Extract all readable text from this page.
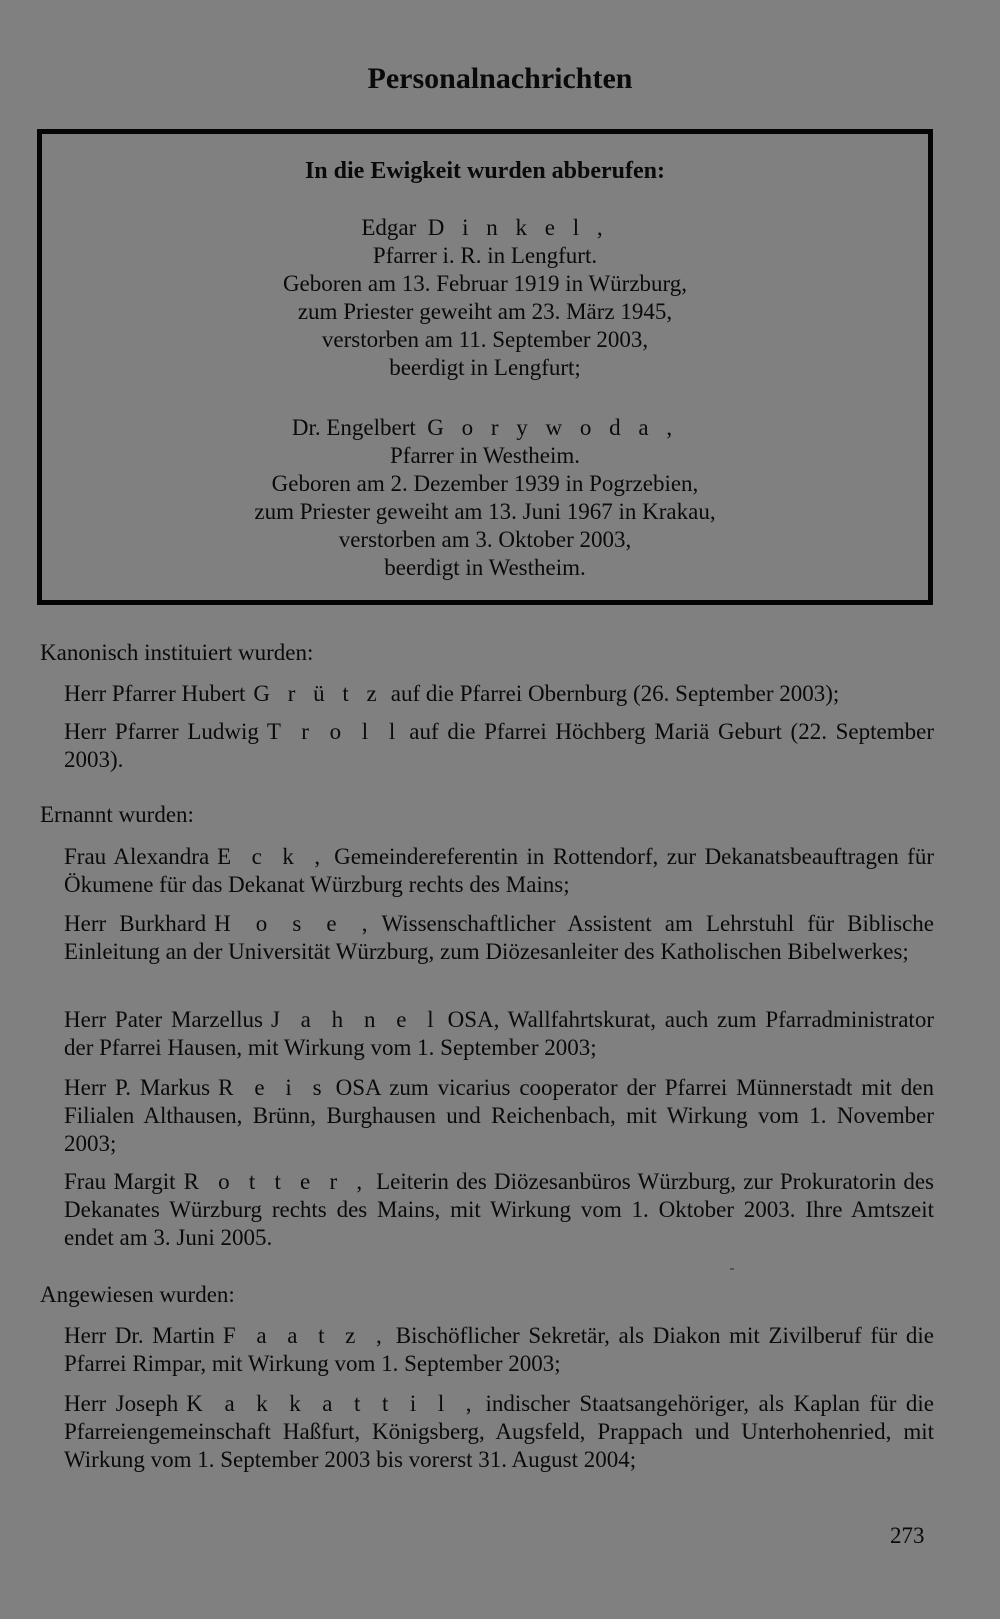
Personalnachrichten
In die Ewigkeit wurden abberufen:
Edgar D i n k e l ,
Pfarrer i. R. in Lengfurt.
Geboren am 13. Februar 1919 in Würzburg,
zum Priester geweiht am 23. März 1945,
verstorben am 11. September 2003,
beerdigt in Lengfurt;
Dr. Engelbert G o r y w o d a ,
Pfarrer in Westheim.
Geboren am 2. Dezember 1939 in Pogrzebien,
zum Priester geweiht am 13. Juni 1967 in Krakau,
verstorben am 3. Oktober 2003,
beerdigt in Westheim.
Kanonisch instituiert wurden:
Herr Pfarrer Hubert G r ü t z auf die Pfarrei Obernburg (26. September 2003);
Herr Pfarrer Ludwig T r o l l auf die Pfarrei Höchberg Mariä Geburt (22. September 2003).
Ernannt wurden:
Frau Alexandra E c k , Gemeindereferentin in Rottendorf, zur Dekanatsbeauftragen für Ökumene für das Dekanat Würzburg rechts des Mains;
Herr Burkhard H o s e , Wissenschaftlicher Assistent am Lehrstuhl für Biblische Einleitung an der Universität Würzburg, zum Diözesanleiter des Katholischen Bibelwerkes;
Herr Pater Marzellus J a h n e l OSA, Wallfahrtskurat, auch zum Pfarradministrator der Pfarrei Hausen, mit Wirkung vom 1. September 2003;
Herr P. Markus R e i s OSA zum vicarius cooperator der Pfarrei Münnerstadt mit den Filialen Althausen, Brünn, Burghausen und Reichenbach, mit Wirkung vom 1. November 2003;
Frau Margit R o t t e r , Leiterin des Diözesanbüros Würzburg, zur Prokuratorin des Dekanates Würzburg rechts des Mains, mit Wirkung vom 1. Oktober 2003. Ihre Amtszeit endet am 3. Juni 2005.
Angewiesen wurden:
Herr Dr. Martin F a a t z , Bischöflicher Sekretär, als Diakon mit Zivilberuf für die Pfarrei Rimpar, mit Wirkung vom 1. September 2003;
Herr Joseph K a k k a t t i l , indischer Staatsangehöriger, als Kaplan für die Pfarreiengemeinschaft Haßfurt, Königsberg, Augsfeld, Prappach und Unterhohenried, mit Wirkung vom 1. September 2003 bis vorerst 31. August 2004;
273
